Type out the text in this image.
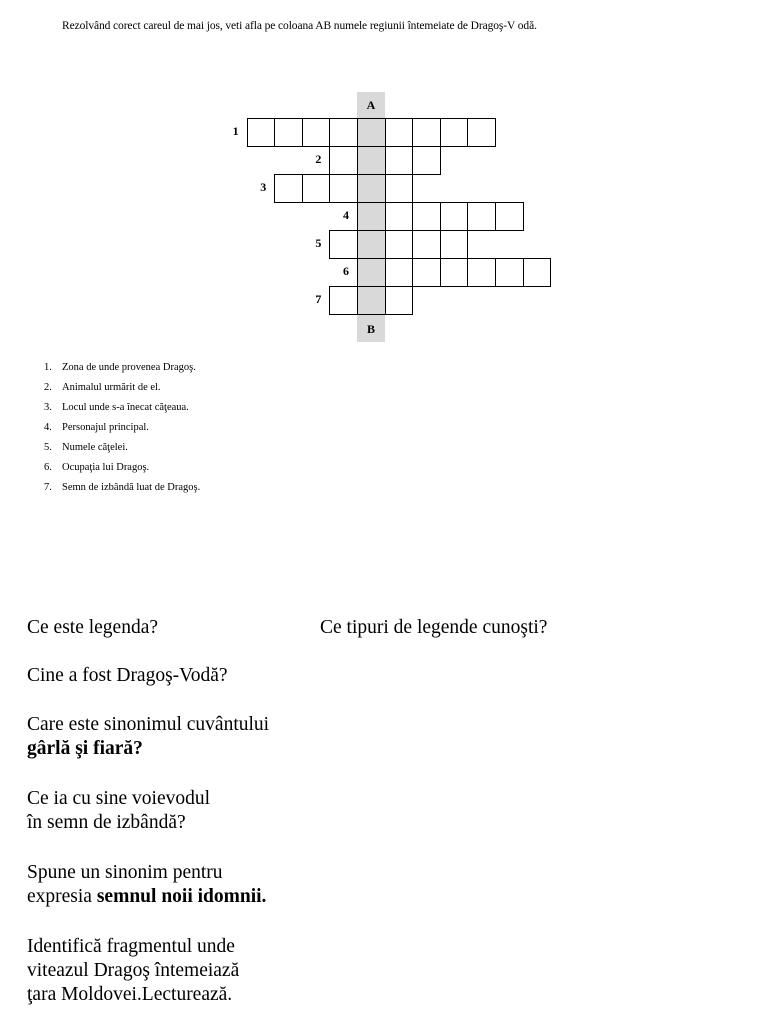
Rezolvând corect careul de mai jos, veti afla pe coloana AB numele regiunii întemeiate de Dragoş-V odă.
A
B
1
2
3
4
5
6
7
1. Zona de unde provenea Dragoş.
2. Animalul urmărit de el.
3. Locul unde s-a înecat căţeaua.
4. Personajul principal.
5. Numele căţelei.
6. Ocupaţia lui Dragoş.
7. Semn de izbândă luat de Dragoş.
Ce este legenda?	Ce tipuri de legende cunoşti?
Cine a fost Dragoş-Vodă?
Care este sinonimul cuvântului
gârlă şi fiară?
Ce ia cu sine voievodul
în semn de izbândă?
Spune un sinonim pentru
expresia semnul noii idomnii.
Identifică fragmentul unde
viteazul Dragoş întemeiază
ţara Moldovei.Lecturează.
